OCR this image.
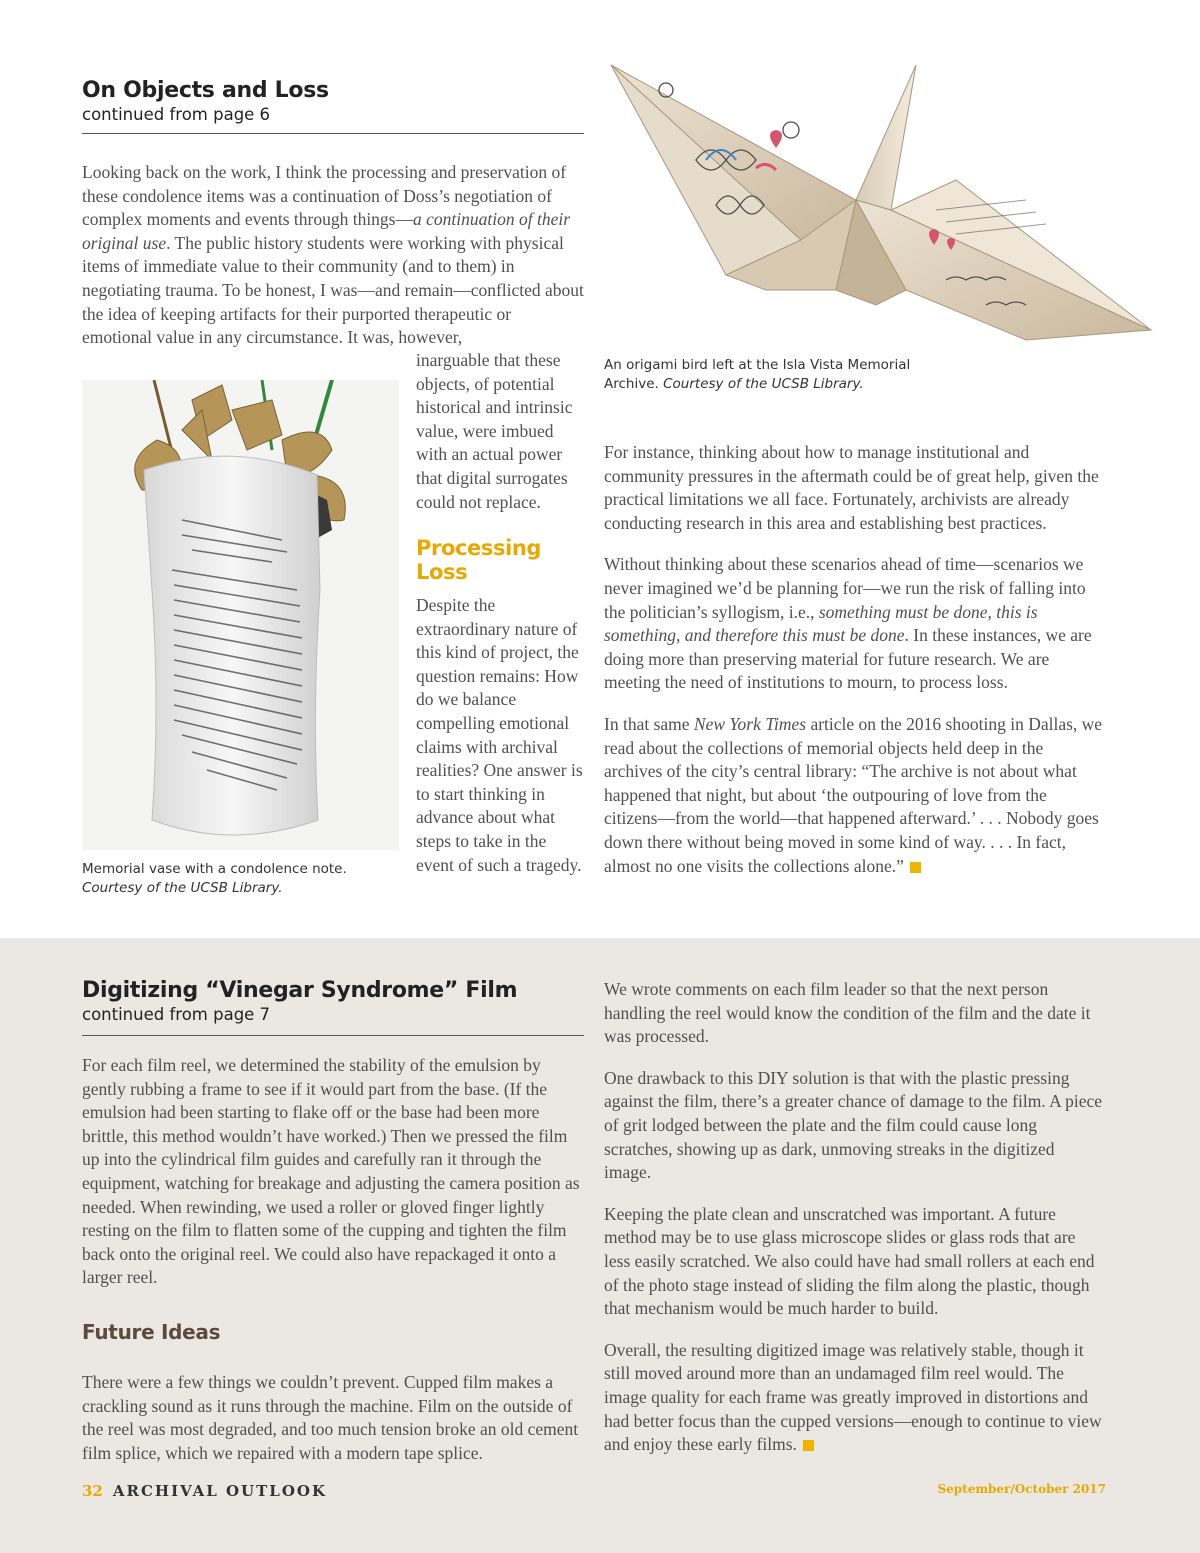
On Objects and Loss
continued from page 6
Looking back on the work, I think the processing and preservation of these condolence items was a continuation of Doss’s negotiation of complex moments and events through things—a continuation of their original use. The public history students were working with physical items of immediate value to their community (and to them) in negotiating trauma. To be honest, I was—and remain—conflicted about the idea of keeping artifacts for their purported therapeutic or emotional value in any circumstance. It was, however,
Memorial vase with a condolence note. Courtesy of the UCSB Library.
inarguable that these objects, of potential historical and intrinsic value, were imbued with an actual power that digital surrogates could not replace.
Processing Loss
Despite the extraordinary nature of this kind of project, the question remains: How do we balance compelling emotional claims with archival realities? One answer is to start thinking in advance about what steps to take in the event of such a tragedy.
An origami bird left at the Isla Vista Memorial Archive. Courtesy of the UCSB Library.

For instance, thinking about how to manage institutional and community pressures in the aftermath could be of great help, given the practical limitations we all face. Fortunately, archivists are already conducting research in this area and establishing best practices.

Without thinking about these scenarios ahead of time—scenarios we never imagined we’d be planning for—we run the risk of falling into the politician’s syllogism, i.e., something must be done, this is something, and therefore this must be done. In these instances, we are doing more than preserving material for future research. We are meeting the need of institutions to mourn, to process loss.

In that same New York Times article on the 2016 shooting in Dallas, we read about the collections of memorial objects held deep in the archives of the city’s central library: “The archive is not about what happened that night, but about ‘the outpouring of love from the citizens—from the world—that happened afterward.’ . . . Nobody goes down there without being moved in some kind of way. . . . In fact, almost no one visits the collections alone.”

Digitizing “Vinegar Syndrome” Film
continued from page 7
For each film reel, we determined the stability of the emulsion by gently rubbing a frame to see if it would part from the base. (If the emulsion had been starting to flake off or the base had been more brittle, this method wouldn’t have worked.) Then we pressed the film up into the cylindrical film guides and carefully ran it through the equipment, watching for breakage and adjusting the camera position as needed. When rewinding, we used a roller or gloved finger lightly resting on the film to flatten some of the cupping and tighten the film back onto the original reel. We could also have repackaged it onto a larger reel.
Future Ideas
There were a few things we couldn’t prevent. Cupped film makes a crackling sound as it runs through the machine. Film on the outside of the reel was most degraded, and too much tension broke an old cement film splice, which we repaired with a modern tape splice.

We wrote comments on each film leader so that the next person handling the reel would know the condition of the film and the date it was processed.

One drawback to this DIY solution is that with the plastic pressing against the film, there’s a greater chance of damage to the film. A piece of grit lodged between the plate and the film could cause long scratches, showing up as dark, unmoving streaks in the digitized image.

Keeping the plate clean and unscratched was important. A future method may be to use glass microscope slides or glass rods that are less easily scratched. We also could have had small rollers at each end of the photo stage instead of sliding the film along the plastic, though that mechanism would be much harder to build.

Overall, the resulting digitized image was relatively stable, though it still moved around more than an undamaged film reel would. The image quality for each frame was greatly improved in distortions and had better focus than the cupped versions—enough to continue to view and enjoy these early films.

32 ARCHIVAL OUTLOOK	September/October 2017
